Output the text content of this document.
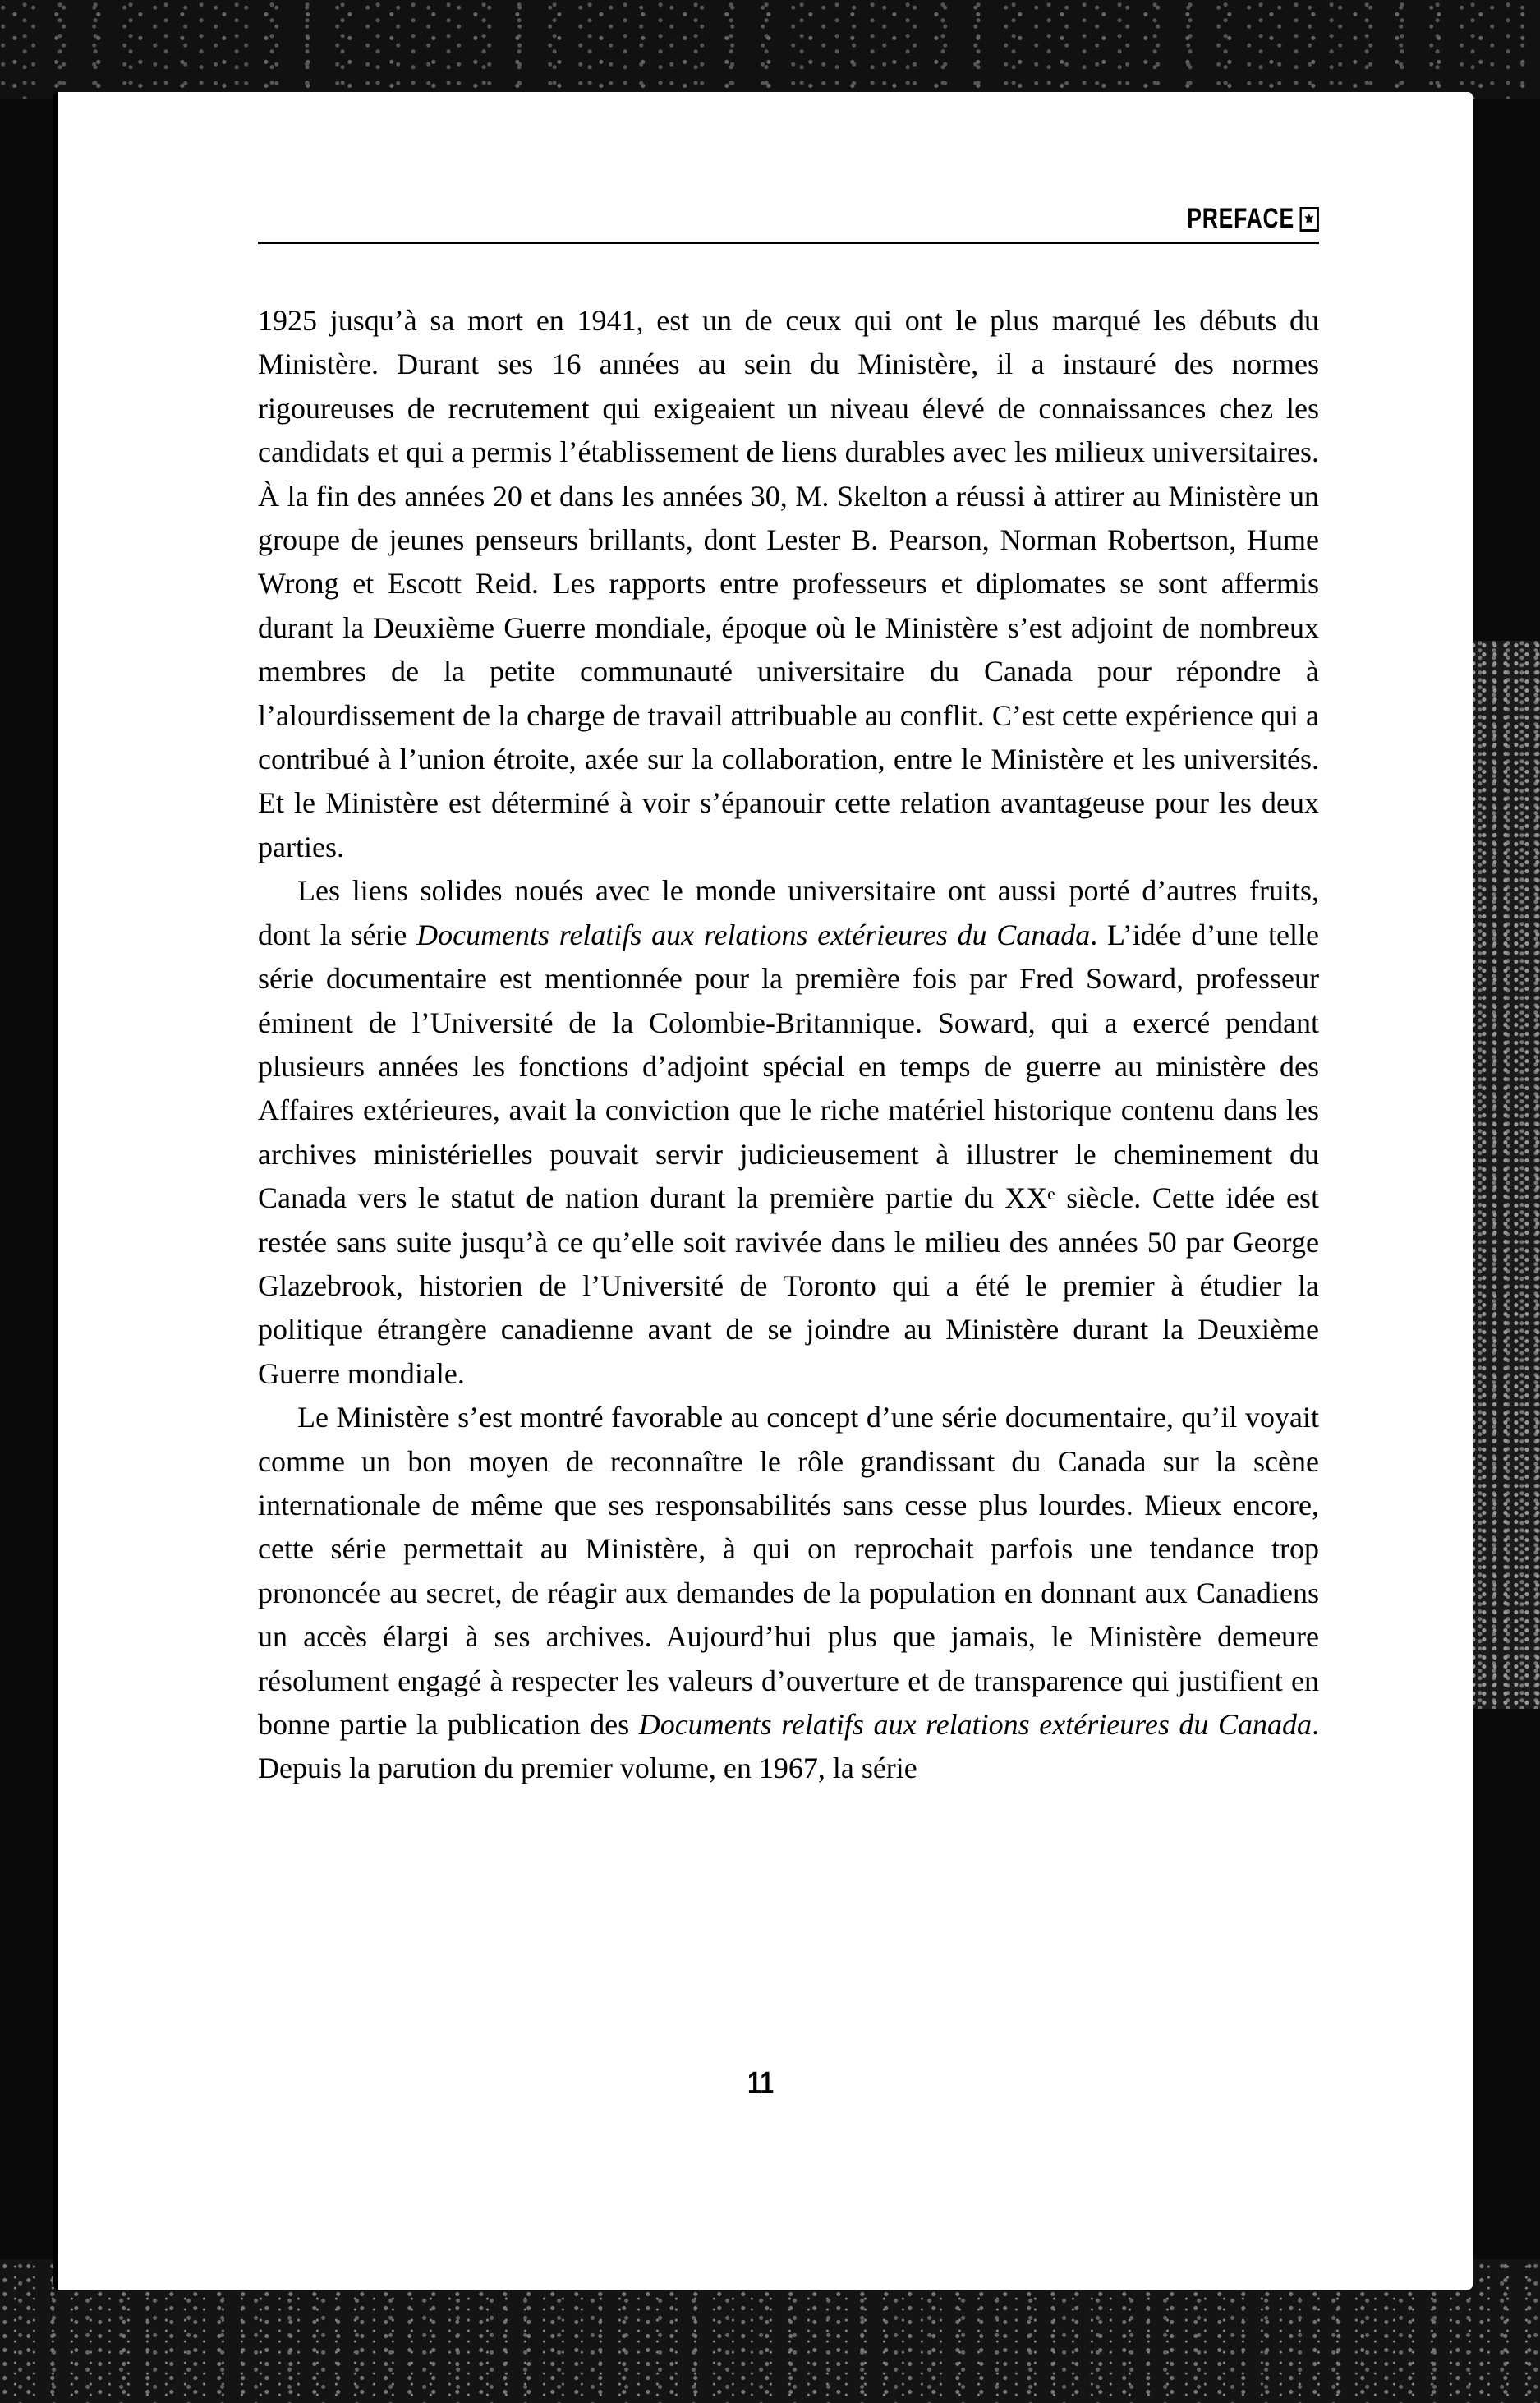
PREFACE

1925 jusqu’à sa mort en 1941, est un de ceux qui ont le plus marqué les débuts du Ministère. Durant ses 16 années au sein du Ministère, il a instauré des normes rigoureuses de recrutement qui exigeaient un niveau élevé de connaissances chez les candidats et qui a permis l’établissement de liens durables avec les milieux universitaires. À la fin des années 20 et dans les années 30, M. Skelton a réussi à attirer au Ministère un groupe de jeunes penseurs brillants, dont Lester B. Pearson, Norman Robertson, Hume Wrong et Escott Reid. Les rapports entre professeurs et diplomates se sont affermis durant la Deuxième Guerre mondiale, époque où le Ministère s’est adjoint de nombreux membres de la petite communauté universitaire du Canada pour répondre à l’alourdissement de la charge de travail attribuable au conflit. C’est cette expérience qui a contribué à l’union étroite, axée sur la collaboration, entre le Ministère et les universités. Et le Ministère est déterminé à voir s’épanouir cette relation avantageuse pour les deux parties.

Les liens solides noués avec le monde universitaire ont aussi porté d’autres fruits, dont la série Documents relatifs aux relations extérieures du Canada. L’idée d’une telle série documentaire est mentionnée pour la première fois par Fred Soward, professeur éminent de l’Université de la Colombie-Britannique. Soward, qui a exercé pendant plusieurs années les fonctions d’adjoint spécial en temps de guerre au ministère des Affaires extérieures, avait la conviction que le riche matériel historique contenu dans les archives ministérielles pouvait servir judicieusement à illustrer le cheminement du Canada vers le statut de nation durant la première partie du XXᵉ siècle. Cette idée est restée sans suite jusqu’à ce qu’elle soit ravivée dans le milieu des années 50 par George Glazebrook, historien de l’Université de Toronto qui a été le premier à étudier la politique étrangère canadienne avant de se joindre au Ministère durant la Deuxième Guerre mondiale.

Le Ministère s’est montré favorable au concept d’une série documentaire, qu’il voyait comme un bon moyen de reconnaître le rôle grandissant du Canada sur la scène internationale de même que ses responsabilités sans cesse plus lourdes. Mieux encore, cette série permettait au Ministère, à qui on reprochait parfois une tendance trop prononcée au secret, de réagir aux demandes de la population en donnant aux Canadiens un accès élargi à ses archives. Aujourd’hui plus que jamais, le Ministère demeure résolument engagé à respecter les valeurs d’ouverture et de transparence qui justifient en bonne partie la publication des Documents relatifs aux relations extérieures du Canada. Depuis la parution du premier volume, en 1967, la série

11
